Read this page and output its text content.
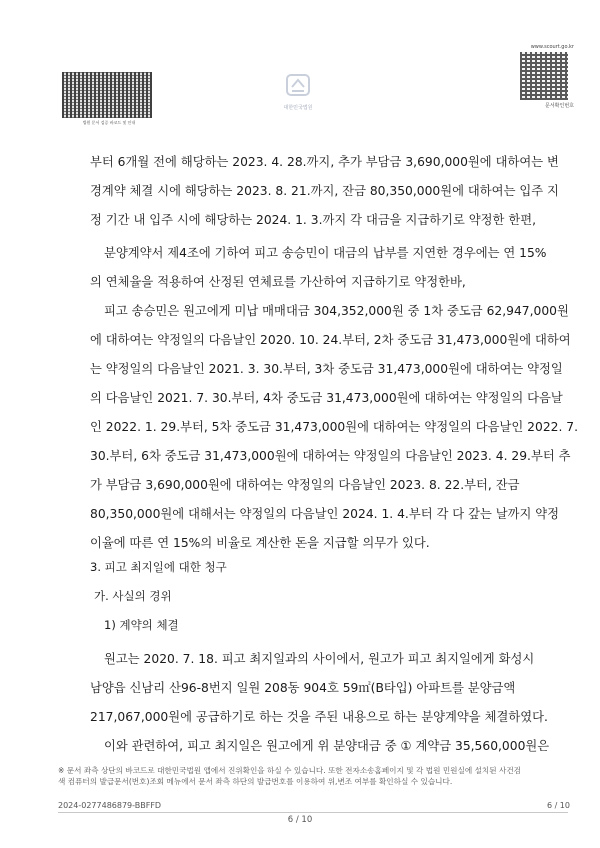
법원 문서 검증 바코드 및 안내
대한민국법원
www.scourt.go.kr
문서확인번호
부터 6개월 전에 해당하는 2023. 4. 28.까지, 추가 부담금 3,690,000원에 대하여는 변
경계약 체결 시에 해당하는 2023. 8. 21.까지, 잔금 80,350,000원에 대하여는 입주 지
정 기간 내 입주 시에 해당하는 2024. 1. 3.까지 각 대금을 지급하기로 약정한 한편,
분양계약서 제4조에 기하여 피고 송승민이 대금의 납부를 지연한 경우에는 연 15%
의 연체율을 적용하여 산정된 연체료를 가산하여 지급하기로 약정한바,
피고 송승민은 원고에게 미납 매매대금 304,352,000원 중 1차 중도금 62,947,000원
에 대하여는 약정일의 다음날인 2020. 10. 24.부터, 2차 중도금 31,473,000원에 대하여
는 약정일의 다음날인 2021. 3. 30.부터, 3차 중도금 31,473,000원에 대하여는 약정일
의 다음날인 2021. 7. 30.부터, 4차 중도금 31,473,000원에 대하여는 약정일의 다음날
인 2022. 1. 29.부터, 5차 중도금 31,473,000원에 대하여는 약정일의 다음날인 2022. 7.
30.부터, 6차 중도금 31,473,000원에 대하여는 약정일의 다음날인 2023. 4. 29.부터 추
가 부담금 3,690,000원에 대하여는 약정일의 다음날인 2023. 8. 22.부터, 잔금
80,350,000원에 대해서는 약정일의 다음날인 2024. 1. 4.부터 각 다 갚는 날까지 약정
이율에 따른 연 15%의 비율로 계산한 돈을 지급할 의무가 있다.
3. 피고 최지일에 대한 청구
가. 사실의 경위
1) 계약의 체결
원고는 2020. 7. 18. 피고 최지일과의 사이에서, 원고가 피고 최지일에게 화성시
남양읍 신남리 산96-8번지 일원 208동 904호 59㎡(B타입) 아파트를 분양금액
217,067,000원에 공급하기로 하는 것을 주된 내용으로 하는 분양계약을 체결하였다.
※ 문서 좌측 상단의 바코드로 대한민국법원 앱에서 진위확인을 하실 수 있습니다. 또한 전자소송홈페이지 및 각 법원 민원실에 설치된 사건검색 컴퓨터의 발급문서(번호)조회 메뉴에서 문서 좌측 하단의 발급번호를 이용하여 위,변조 여부를 확인하실 수 있습니다.
2024-0277486879-BBFFD	6 / 10
6 / 10
이와 관련하여, 피고 최지일은 원고에게 위 분양대금 중 ① 계약금 35,560,000원은
